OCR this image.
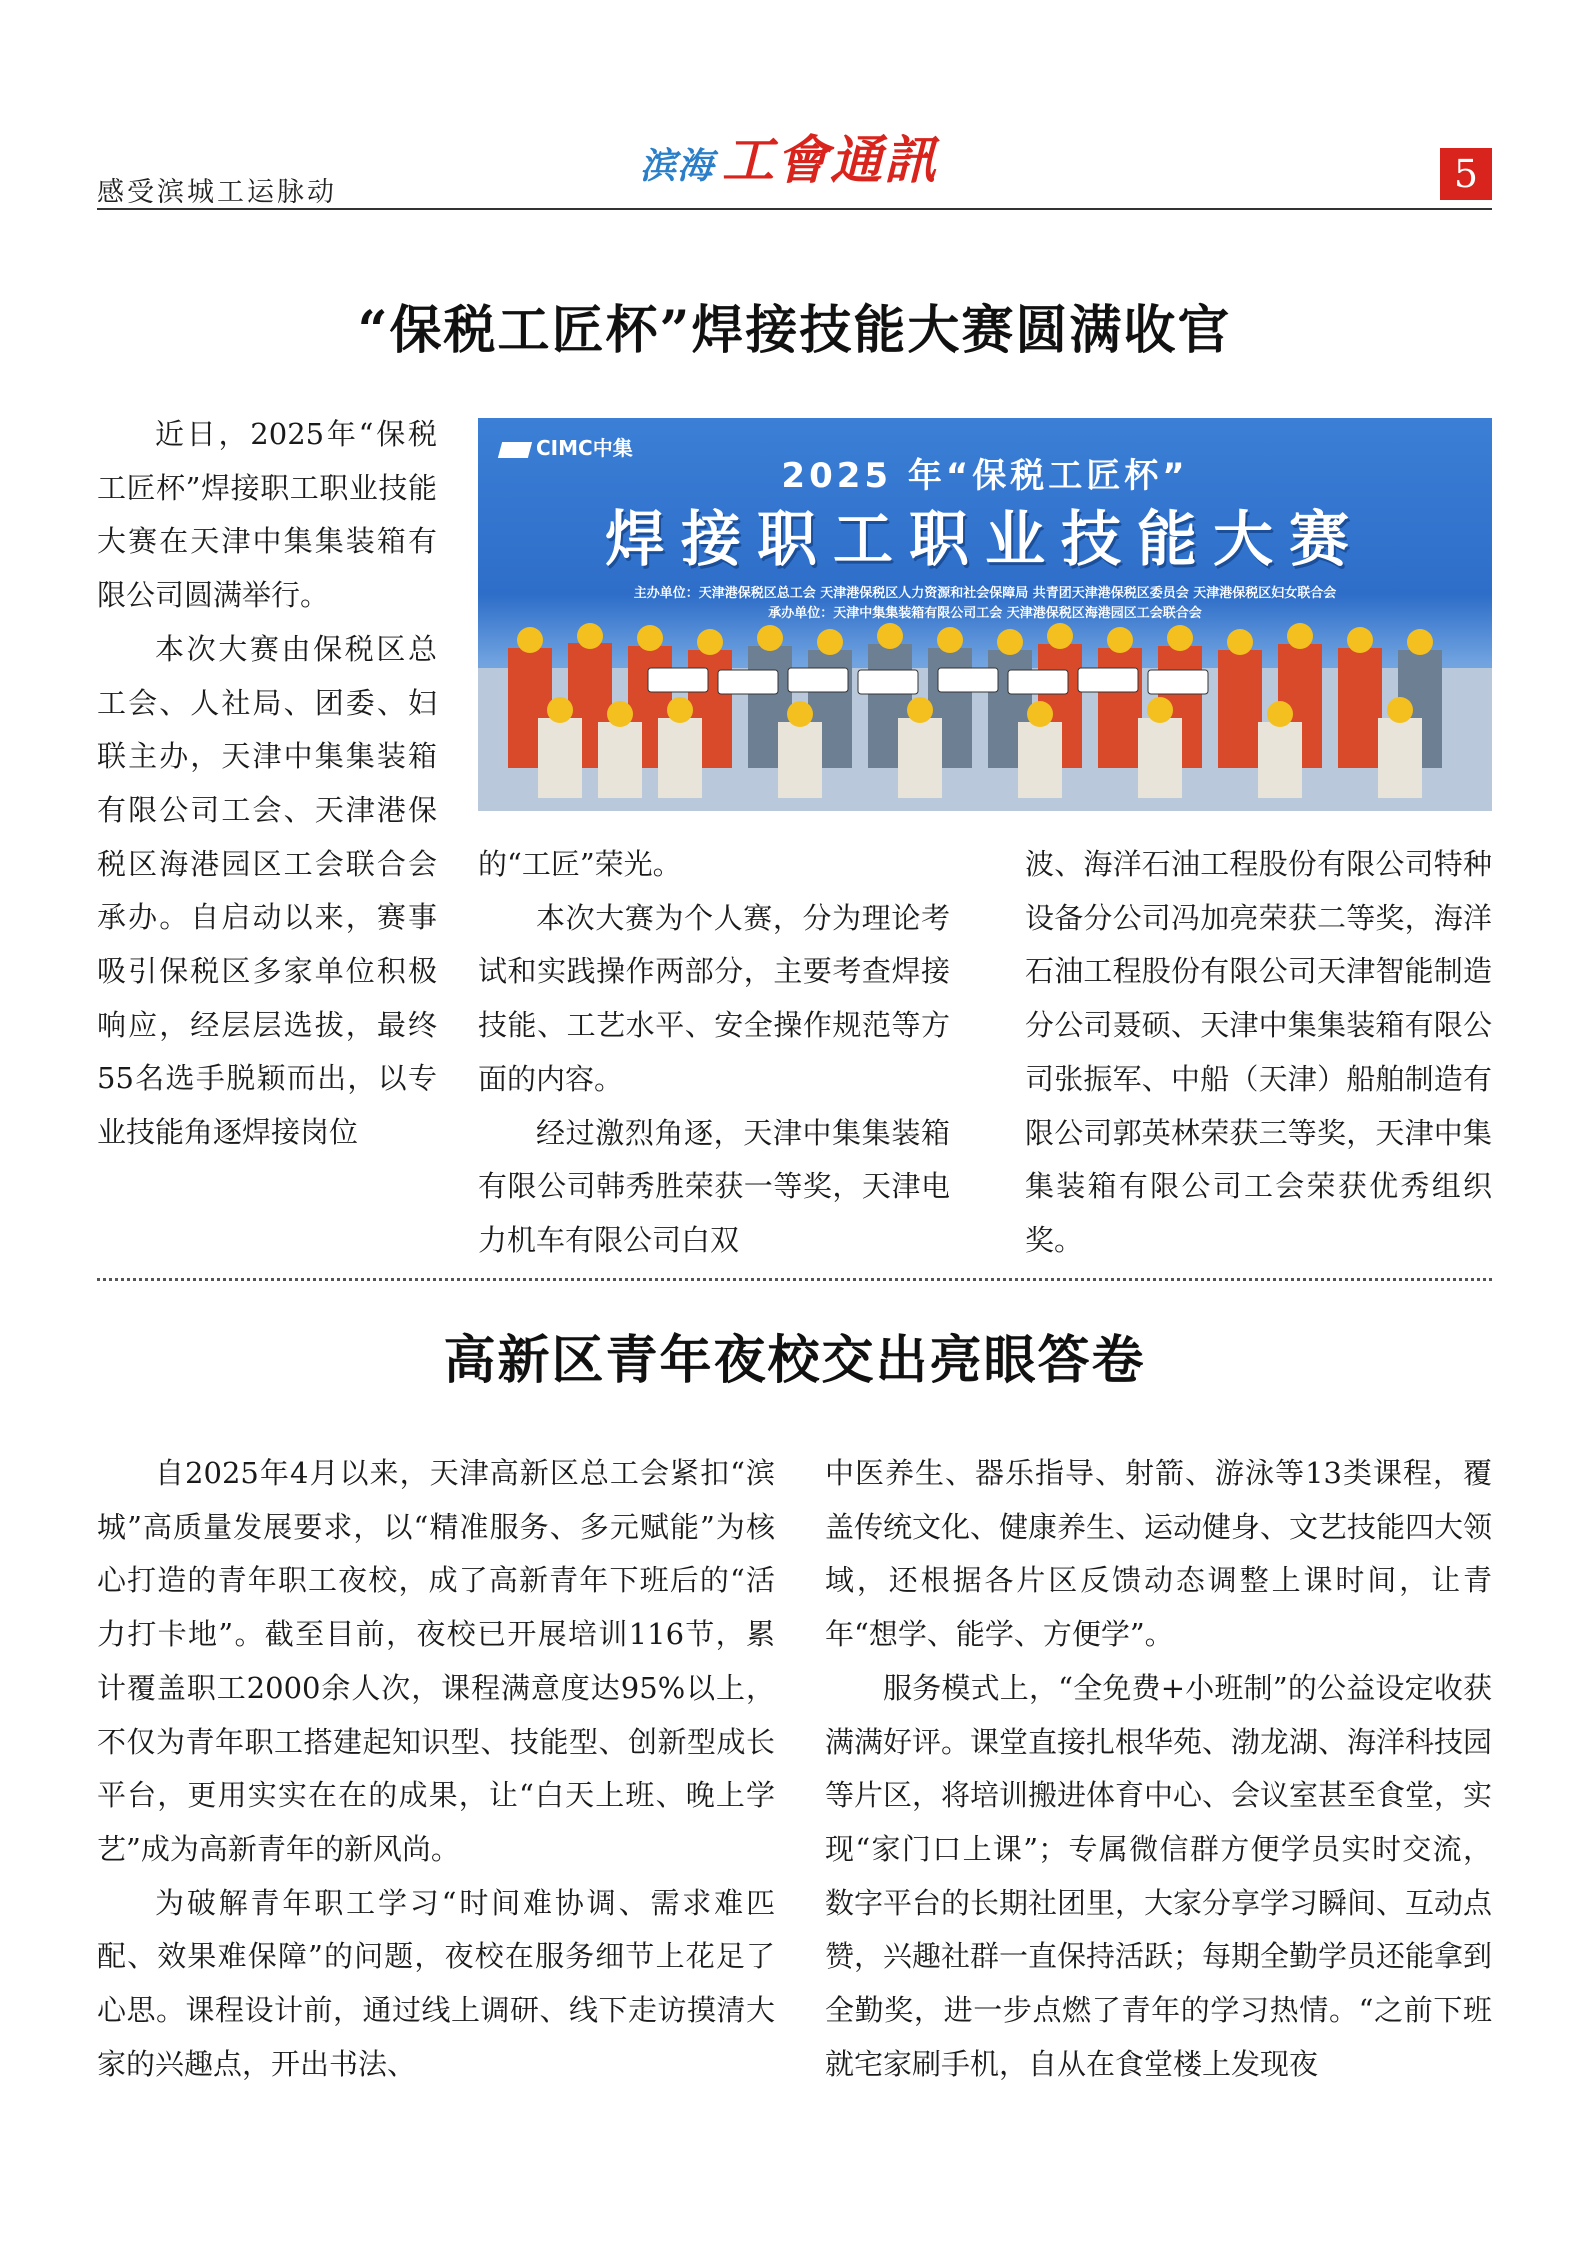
感受滨城工运脉动
滨海 工會通訊	5
“保税工匠杯”焊接技能大赛圆满收官

近日，2025年“保税工匠杯”焊接职工职业技能大赛在天津中集集装箱有限公司圆满举行。

本次大赛由保税区总工会、人社局、团委、妇联主办，天津中集集装箱有限公司工会、天津港保税区海港园区工会联合会承办。自启动以来，赛事吸引保税区多家单位积极响应，经层层选拔，最终55名选手脱颖而出，以专业技能角逐焊接岗位

CIMC中集
2025 年“保税工匠杯”
焊接职工职业技能大赛
主办单位：天津港保税区总工会 天津港保税区人力资源和社会保障局 共青团天津港保税区委员会 天津港保税区妇女联合会
承办单位：天津中集集装箱有限公司工会 天津港保税区海港园区工会联合会

的“工匠”荣光。

本次大赛为个人赛，分为理论考试和实践操作两部分，主要考查焊接技能、工艺水平、安全操作规范等方面的内容。

经过激烈角逐，天津中集集装箱有限公司韩秀胜荣获一等奖，天津电力机车有限公司白双

波、海洋石油工程股份有限公司特种设备分公司冯加亮荣获二等奖，海洋石油工程股份有限公司天津智能制造分公司聂硕、天津中集集装箱有限公司张振军、中船（天津）船舶制造有限公司郭英林荣获三等奖，天津中集集装箱有限公司工会荣获优秀组织奖。

高新区青年夜校交出亮眼答卷

自2025年4月以来，天津高新区总工会紧扣“滨城”高质量发展要求，以“精准服务、多元赋能”为核心打造的青年职工夜校，成了高新青年下班后的“活力打卡地”。截至目前，夜校已开展培训116节，累计覆盖职工2000余人次，课程满意度达95%以上，不仅为青年职工搭建起知识型、技能型、创新型成长平台，更用实实在在的成果，让“白天上班、晚上学艺”成为高新青年的新风尚。

为破解青年职工学习“时间难协调、需求难匹配、效果难保障”的问题，夜校在服务细节上花足了心思。课程设计前，通过线上调研、线下走访摸清大家的兴趣点，开出书法、

中医养生、器乐指导、射箭、游泳等13类课程，覆盖传统文化、健康养生、运动健身、文艺技能四大领域，还根据各片区反馈动态调整上课时间，让青年“想学、能学、方便学”。

服务模式上，“全免费+小班制”的公益设定收获满满好评。课堂直接扎根华苑、渤龙湖、海洋科技园等片区，将培训搬进体育中心、会议室甚至食堂，实现“家门口上课”；专属微信群方便学员实时交流，数字平台的长期社团里，大家分享学习瞬间、互动点赞，兴趣社群一直保持活跃；每期全勤学员还能拿到全勤奖，进一步点燃了青年的学习热情。“之前下班就宅家刷手机，自从在食堂楼上发现夜
